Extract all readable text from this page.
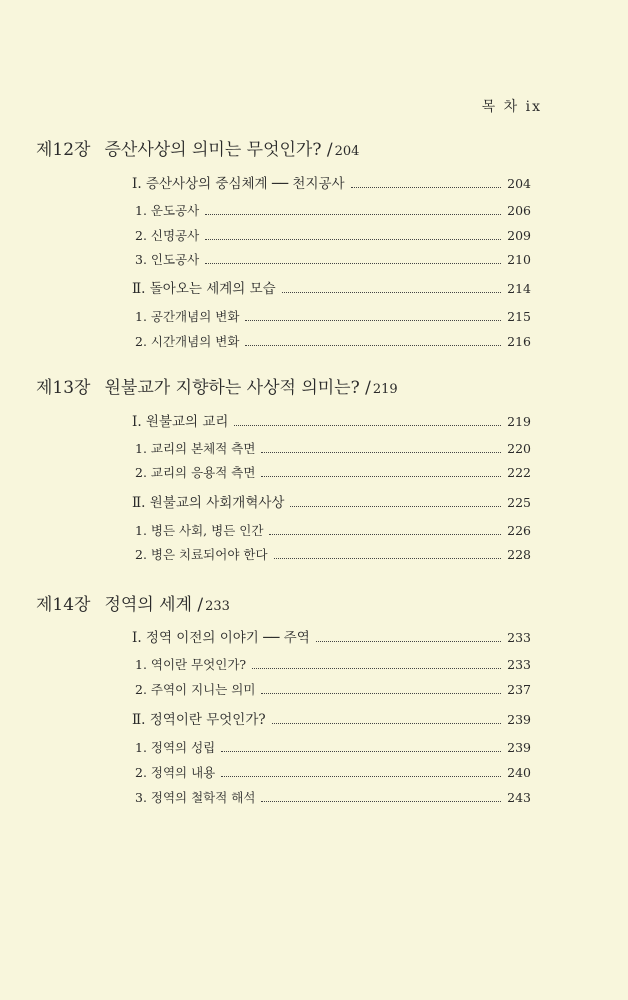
목 차 ix
제12장 증산사상의 의미는 무엇인가? ∕ 204
Ⅰ. 증산사상의 중심체계 ── 천지공사	204
1. 운도공사	206
2. 신명공사	209
3. 인도공사	210
Ⅱ. 돌아오는 세계의 모습	214
1. 공간개념의 변화	215
2. 시간개념의 변화	216
제13장 원불교가 지향하는 사상적 의미는? ∕ 219
Ⅰ. 원불교의 교리	219
1. 교리의 본체적 측면	220
2. 교리의 응용적 측면	222
Ⅱ. 원불교의 사회개혁사상	225
1. 병든 사회, 병든 인간	226
2. 병은 치료되어야 한다	228
제14장 정역의 세계 ∕ 233
Ⅰ. 정역 이전의 이야기 ── 주역	233
1. 역이란 무엇인가?	233
2. 주역이 지니는 의미	237
Ⅱ. 정역이란 무엇인가?	239
1. 정역의 성립	239
2. 정역의 내용	240
3. 정역의 철학적 해석	243
